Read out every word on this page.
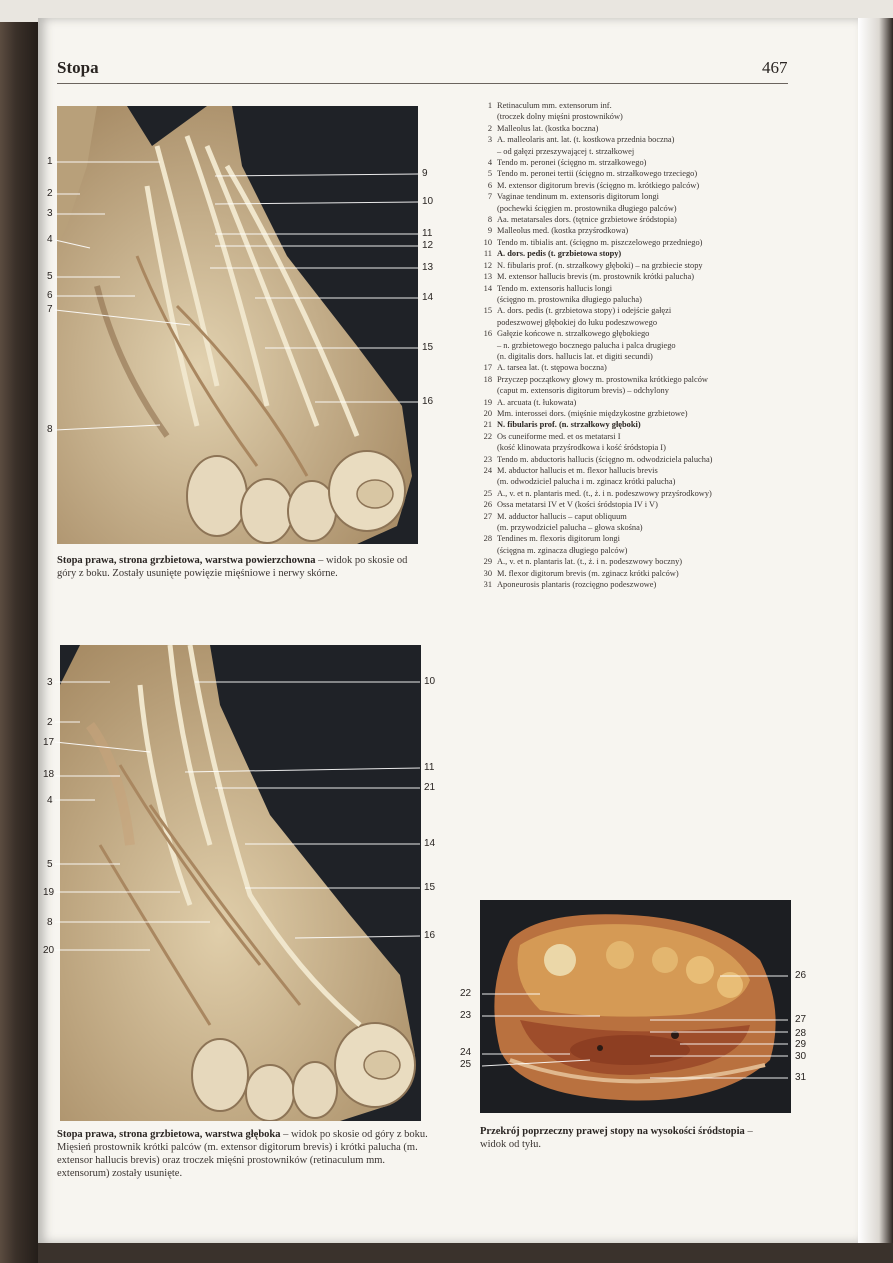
Stopa	467
1
2
3
4
5
6
7
8
9
10
11
12
13
14
15
16
Stopa prawa, strona grzbietowa, warstwa powierzchowna – widok po skosie od góry z boku. Zostały usunięte powięzie mięśniowe i nerwy skórne.
3
2
17
18
4
5
19
8
20
10
11
21
14
15
16
Stopa prawa, strona grzbietowa, warstwa głęboka – widok po skosie od góry z boku. Mięsień prostownik krótki palców (m. extensor digitorum brevis) i krótki palucha (m. extensor hallucis brevis) oraz troczek mięśni prostowników (retinaculum mm. extensorum) zostały usunięte.
22
23
24
25
26
27
28
29
30
31
Przekrój poprzeczny prawej stopy na wysokości śródstopia – widok od tyłu.
1 Retinaculum mm. extensorum inf.
(troczek dolny mięśni prostowników)
2 Malleolus lat. (kostka boczna)
3 A. malleolaris ant. lat. (t. kostkowa przednia boczna)
– od gałęzi przeszywającej t. strzałkowej
4 Tendo m. peronei (ścięgno m. strzałkowego)
5 Tendo m. peronei tertii (ścięgno m. strzałkowego trzeciego)
6 M. extensor digitorum brevis (ścięgno m. krótkiego palców)
7 Vaginae tendinum m. extensoris digitorum longi
(pochewki ścięgien m. prostownika długiego palców)
8 Aa. metatarsales dors. (tętnice grzbietowe śródstopia)
9 Malleolus med. (kostka przyśrodkowa)
10 Tendo m. tibialis ant. (ścięgno m. piszczelowego przedniego)
11 A. dors. pedis (t. grzbietowa stopy)
12 N. fibularis prof. (n. strzałkowy głęboki) – na grzbiecie stopy
13 M. extensor hallucis brevis (m. prostownik krótki palucha)
14 Tendo m. extensoris hallucis longi
(ścięgno m. prostownika długiego palucha)
15 A. dors. pedis (t. grzbietowa stopy) i odejście gałęzi
podeszwowej głębokiej do łuku podeszwowego
16 Gałęzie końcowe n. strzałkowego głębokiego
– n. grzbietowego bocznego palucha i palca drugiego
(n. digitalis dors. hallucis lat. et digiti secundi)
17 A. tarsea lat. (t. stępowa boczna)
18 Przyczep początkowy głowy m. prostownika krótkiego palców
(caput m. extensoris digitorum brevis) – odchylony
19 A. arcuata (t. łukowata)
20 Mm. interossei dors. (mięśnie międzykostne grzbietowe)
21 N. fibularis prof. (n. strzałkowy głęboki)
22 Os cuneiforme med. et os metatarsi I
(kość klinowata przyśrodkowa i kość śródstopia I)
23 Tendo m. abductoris hallucis (ścięgno m. odwodziciela palucha)
24 M. abductor hallucis et m. flexor hallucis brevis
(m. odwodziciel palucha i m. zginacz krótki palucha)
25 A., v. et n. plantaris med. (t., ż. i n. podeszwowy przyśrodkowy)
26 Ossa metatarsi IV et V (kości śródstopia IV i V)
27 M. adductor hallucis – caput obliquum
(m. przywodziciel palucha – głowa skośna)
28 Tendines m. flexoris digitorum longi
(ścięgna m. zginacza długiego palców)
29 A., v. et n. plantaris lat. (t., ż. i n. podeszwowy boczny)
30 M. flexor digitorum brevis (m. zginacz krótki palców)
31 Aponeurosis plantaris (rozcięgno podeszwowe)
